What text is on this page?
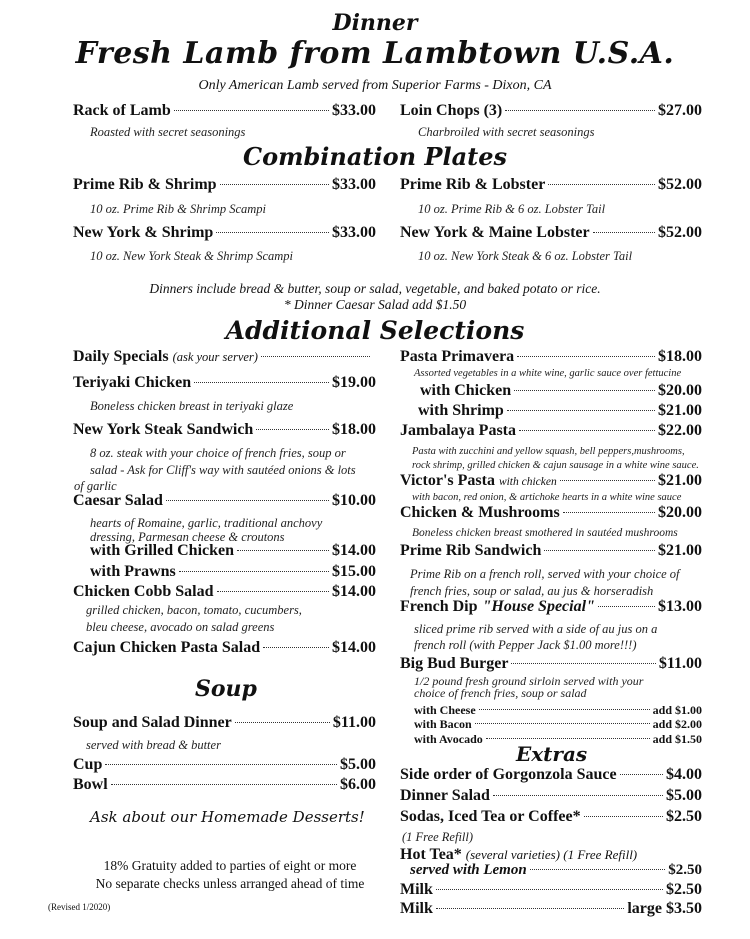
Dinner
Fresh Lamb from Lambtown U.S.A.
Only American Lamb served from Superior Farms - Dixon, CA
Rack of Lamb	$33.00
Roasted with secret seasonings
Loin Chops (3)	$27.00
Charbroiled with secret seasonings
Combination Plates
Prime Rib & Shrimp	$33.00
10 oz. Prime Rib & Shrimp Scampi
Prime Rib & Lobster	$52.00
10 oz. Prime Rib & 6 oz. Lobster Tail
New York & Shrimp	$33.00
10 oz. New York Steak & Shrimp Scampi
New York & Maine Lobster	$52.00
10 oz. New York Steak & 6 oz. Lobster Tail
Dinners include bread & butter, soup or salad, vegetable, and baked potato or rice.
* Dinner Caesar Salad add $1.50
Additional Selections
Daily Specials (ask your server)
Teriyaki Chicken	$19.00
Boneless chicken breast in teriyaki glaze
New York Steak Sandwich	$18.00
8 oz. steak with your choice of french fries, soup or
salad - Ask for Cliff's way with sautéed onions & lots
of garlic
Caesar Salad	$10.00
hearts of Romaine, garlic, traditional anchovy
dressing, Parmesan cheese & croutons
with Grilled Chicken	$14.00
with Prawns	$15.00
Chicken Cobb Salad	$14.00
grilled chicken, bacon, tomato, cucumbers,
bleu cheese, avocado on salad greens
Cajun Chicken Pasta Salad	$14.00
Pasta Primavera	$18.00
Assorted vegetables in a white wine, garlic sauce over fettucine
with Chicken	$20.00
with Shrimp	$21.00
Jambalaya Pasta	$22.00
Pasta with zucchini and yellow squash, bell peppers,mushrooms,
rock shrimp, grilled chicken & cajun sausage in a white wine sauce.
Victor's Pasta with chicken	$21.00
with bacon, red onion, & artichoke hearts in a white wine sauce
Chicken & Mushrooms	$20.00
Boneless chicken breast smothered in sautéed mushrooms
Prime Rib Sandwich	$21.00
Prime Rib on a french roll, served with your choice of
french fries, soup or salad, au jus & horseradish
French Dip "House Special"	$13.00
sliced prime rib served with a side of au jus on a
french roll (with Pepper Jack $1.00 more!!!)
Big Bud Burger	$11.00
1/2 pound fresh ground sirloin served with your
choice of french fries, soup or salad
with Cheese	add $1.00
with Bacon	add $2.00
with Avocado	add $1.50
Soup
Soup and Salad Dinner	$11.00
served with bread & butter
Cup	$5.00
Bowl	$6.00
Ask about our Homemade Desserts!
Extras
Side order of Gorgonzola Sauce	$4.00
Dinner Salad	$5.00
Sodas, Iced Tea or Coffee*	$2.50
(1 Free Refill)
Hot Tea* (several varieties) (1 Free Refill)
served with Lemon	$2.50
Milk	$2.50
Milk	large $3.50
18% Gratuity added to parties of eight or more
No separate checks unless arranged ahead of time
(Revised 1/2020)
